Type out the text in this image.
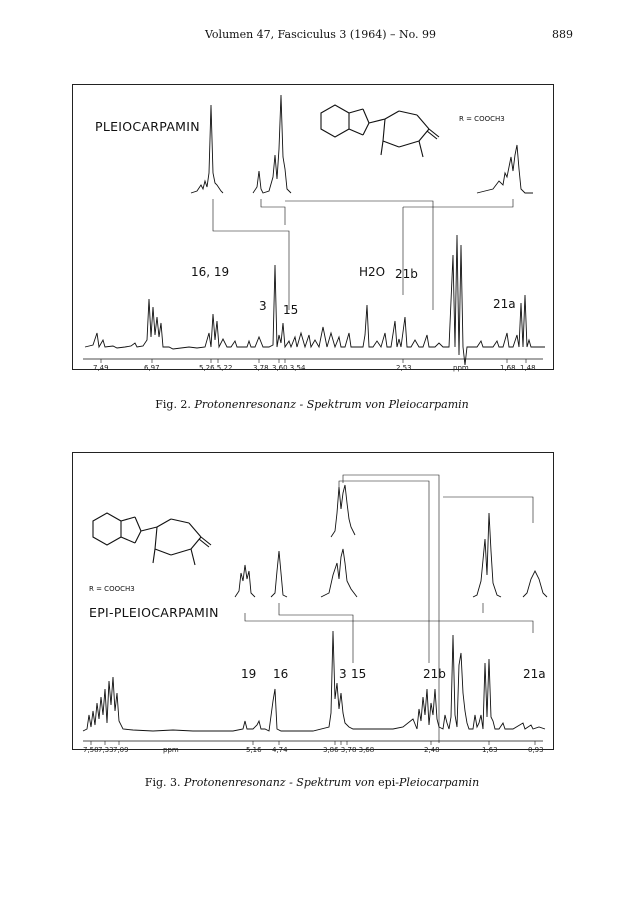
Volumen 47, Fasciculus 3 (1964) – No. 99	889
PLEIOCARPAMIN	R = COOCH3
16, 19
3 15
H2O 21b
21a
7,49	6,97	5,26 5,22	3,78 3,60 3,54	2,53	ppm	1,68 1,48
Fig. 2. Protonenresonanz - Spektrum von Pleiocarpamin
R = COOCH3
EPI-PLEIOCARPAMIN
19 16	3 15	21b	21a
7,58 7,33 7,09	ppm	5,16 4,74	3,86 3,78 3,68	2,48	1,63	0,93
Fig. 3. Protonenresonanz - Spektrum von epi-Pleiocarpamin
